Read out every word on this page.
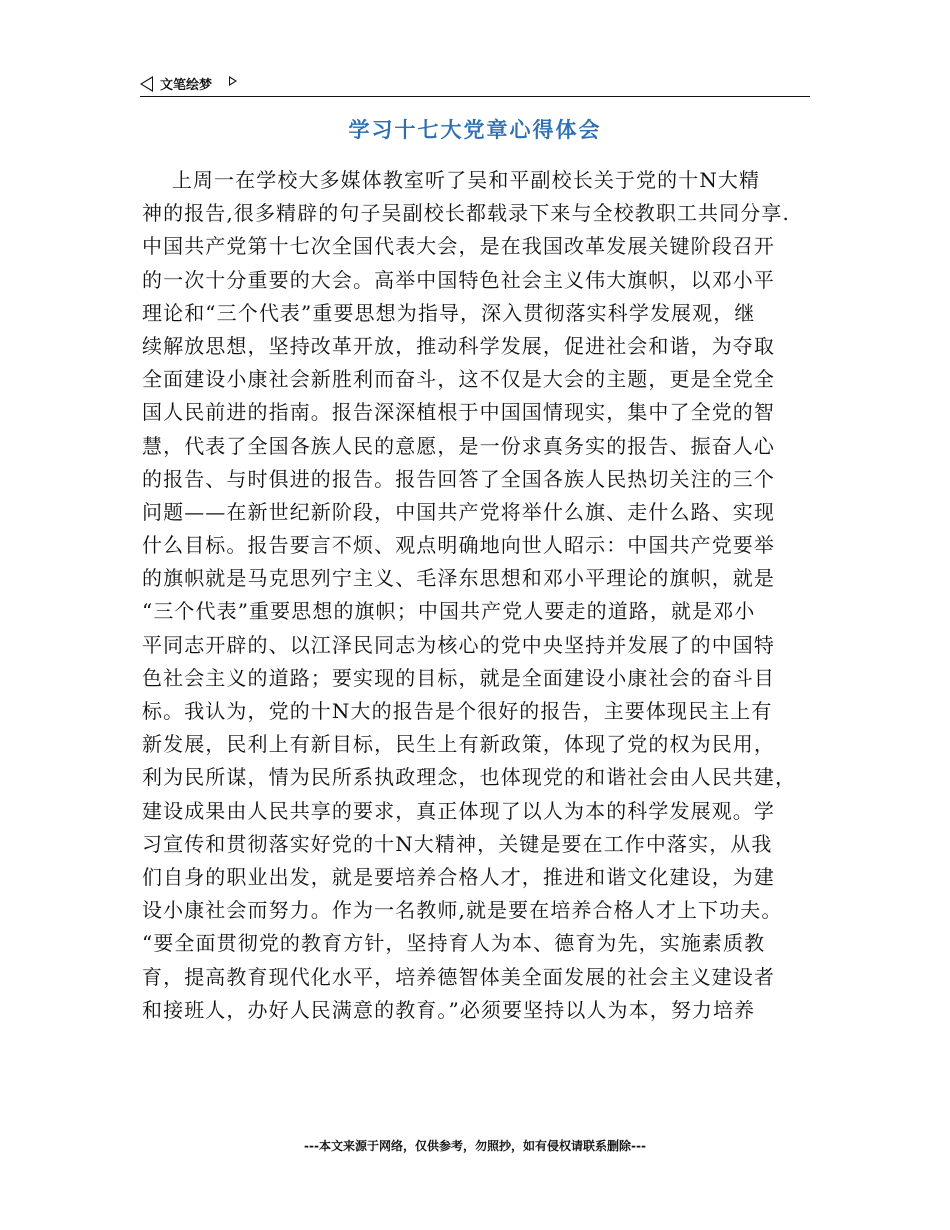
文笔绘梦
学习十七大党章心得体会
上周一在学校大多媒体教室听了吴和平副校长关于党的十N大精
神的报告,很多精辟的句子吴副校长都载录下来与全校教职工共同分享.
中国共产党第十七次全国代表大会，是在我国改革发展关键阶段召开
的一次十分重要的大会。高举中国特色社会主义伟大旗帜，以邓小平
理论和“三个代表”重要思想为指导，深入贯彻落实科学发展观，继
续解放思想，坚持改革开放，推动科学发展，促进社会和谐，为夺取
全面建设小康社会新胜利而奋斗，这不仅是大会的主题，更是全党全
国人民前进的指南。报告深深植根于中国国情现实，集中了全党的智
慧，代表了全国各族人民的意愿，是一份求真务实的报告、振奋人心
的报告、与时俱进的报告。报告回答了全国各族人民热切关注的三个
问题——在新世纪新阶段，中国共产党将举什么旗、走什么路、实现
什么目标。报告要言不烦、观点明确地向世人昭示：中国共产党要举
的旗帜就是马克思列宁主义、毛泽东思想和邓小平理论的旗帜，就是
“三个代表”重要思想的旗帜；中国共产党人要走的道路，就是邓小
平同志开辟的、以江泽民同志为核心的党中央坚持并发展了的中国特
色社会主义的道路；要实现的目标，就是全面建设小康社会的奋斗目
标。我认为，党的十N大的报告是个很好的报告，主要体现民主上有
新发展，民利上有新目标，民生上有新政策，体现了党的权为民用，
利为民所谋，情为民所系执政理念，也体现党的和谐社会由人民共建，
建设成果由人民共享的要求，真正体现了以人为本的科学发展观。学
习宣传和贯彻落实好党的十N大精神，关键是要在工作中落实，从我
们自身的职业出发，就是要培养合格人才，推进和谐文化建设，为建
设小康社会而努力。作为一名教师,就是要在培养合格人才上下功夫。
“要全面贯彻党的教育方针，坚持育人为本、德育为先，实施素质教
育，提高教育现代化水平，培养德智体美全面发展的社会主义建设者
和接班人，办好人民满意的教育。”必须要坚持以人为本，努力培养
---本文来源于网络，仅供参考，勿照抄，如有侵权请联系删除---
